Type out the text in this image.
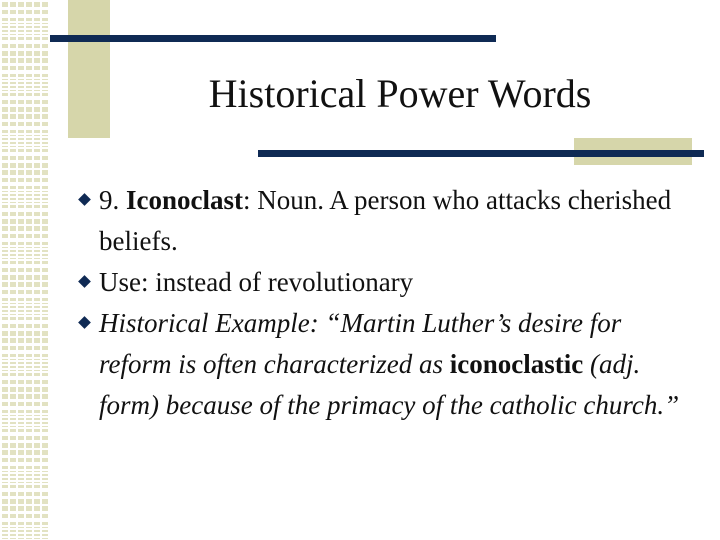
Historical Power Words
9. Iconoclast: Noun. A person who attacks cherished beliefs.
Use: instead of revolutionary
Historical Example: “Martin Luther’s desire for reform is often characterized as iconoclastic (adj. form) because of the primacy of the catholic church.”
